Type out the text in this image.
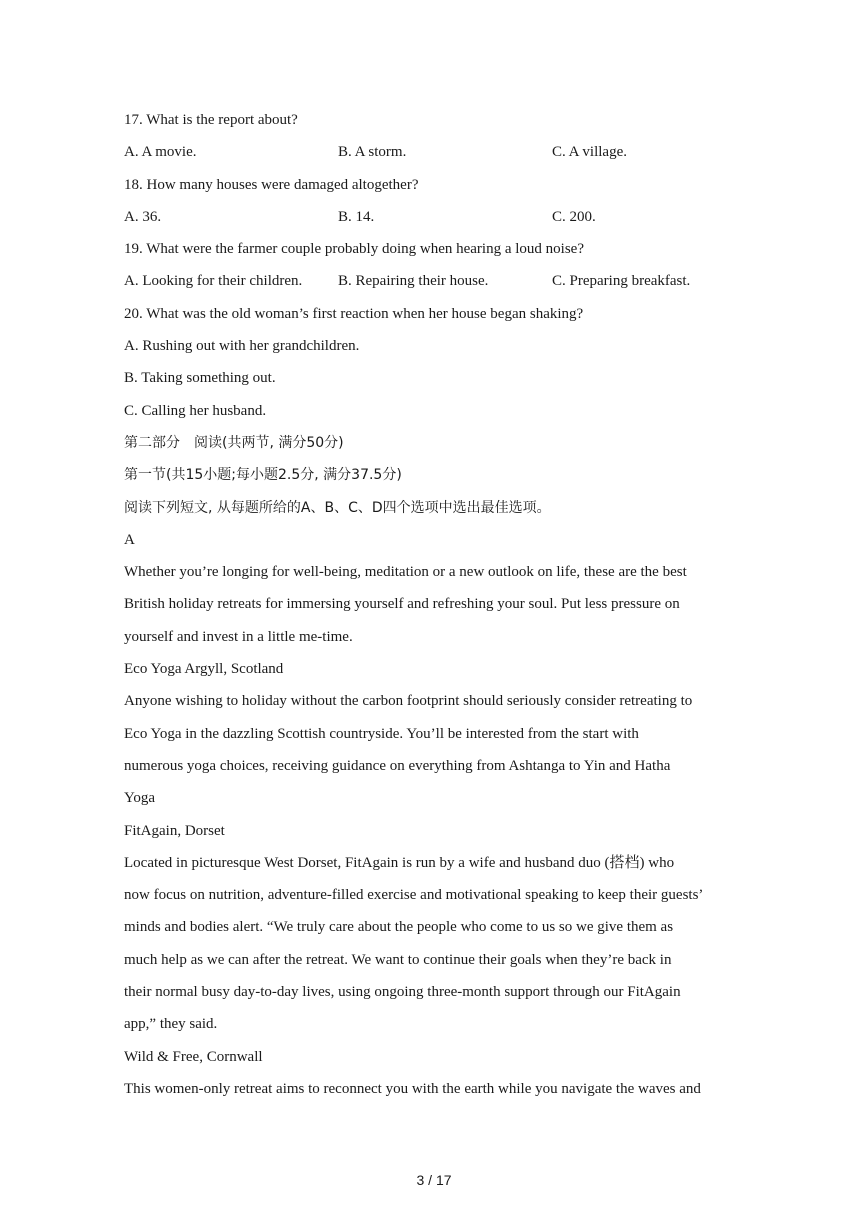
17. What is the report about?
A. A movie.	B. A storm.	C. A village.
18. How many houses were damaged altogether?
A. 36.	B. 14.	C. 200.
19. What were the farmer couple probably doing when hearing a loud noise?
A. Looking for their children.	B. Repairing their house.	C. Preparing breakfast.
20. What was the old woman’s first reaction when her house began shaking?
A. Rushing out with her grandchildren.
B. Taking something out.
C. Calling her husband.
第二部分　阅读(共两节, 满分50分)
第一节(共15小题;每小题2.5分, 满分37.5分)
阅读下列短文, 从每题所给的A、B、C、D四个选项中选出最佳选项。
A
Whether you’re longing for well-being, meditation or a new outlook on life, these are the best
British holiday retreats for immersing yourself and refreshing your soul. Put less pressure on
yourself and invest in a little me-time.
Eco Yoga Argyll, Scotland
Anyone wishing to holiday without the carbon footprint should seriously consider retreating to
Eco Yoga in the dazzling Scottish countryside. You’ll be interested from the start with
numerous yoga choices, receiving guidance on everything from Ashtanga to Yin and Hatha
Yoga
FitAgain, Dorset
Located in picturesque West Dorset, FitAgain is run by a wife and husband duo (搭档) who
now focus on nutrition, adventure-filled exercise and motivational speaking to keep their guests’
minds and bodies alert. “We truly care about the people who come to us so we give them as
much help as we can after the retreat. We want to continue their goals when they’re back in
their normal busy day-to-day lives, using ongoing three-month support through our FitAgain
app,” they said.
Wild & Free, Cornwall
This women-only retreat aims to reconnect you with the earth while you navigate the waves and
3 / 17
